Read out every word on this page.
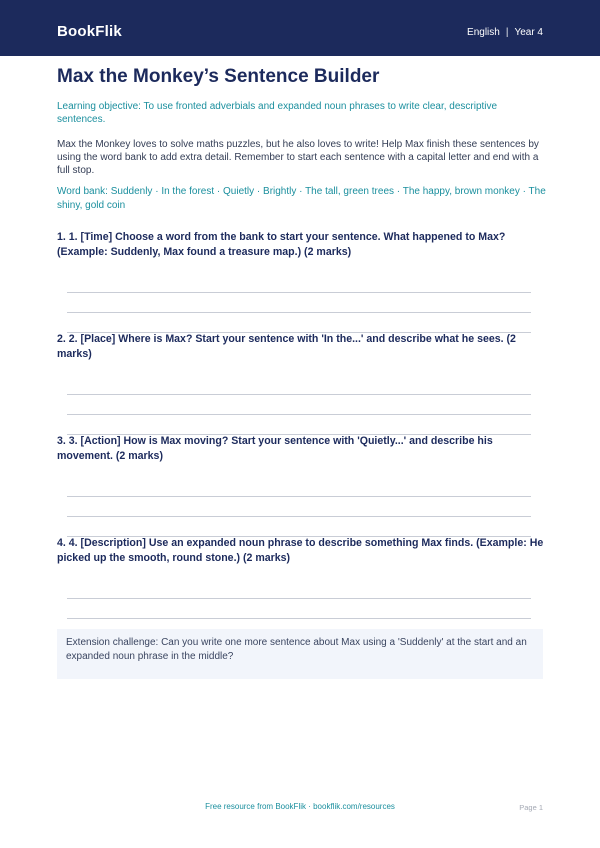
BookFlik	English | Year 4
Max the Monkey’s Sentence Builder

Learning objective: To use fronted adverbials and expanded noun phrases to write clear, descriptive sentences.

Max the Monkey loves to solve maths puzzles, but he also loves to write! Help Max finish these sentences by using the word bank to add extra detail. Remember to start each sentence with a capital letter and end with a full stop.

Word bank: Suddenly · In the forest · Quietly · Brightly · The tall, green trees · The happy, brown monkey · The shiny, gold coin

1. 1. [Time] Choose a word from the bank to start your sentence. What happened to Max? (Example: Suddenly, Max found a treasure map.) (2 marks)

2. 2. [Place] Where is Max? Start your sentence with 'In the...' and describe what he sees. (2 marks)

3. 3. [Action] How is Max moving? Start your sentence with 'Quietly...' and describe his movement. (2 marks)

4. 4. [Description] Use an expanded noun phrase to describe something Max finds. (Example: He picked up the smooth, round stone.) (2 marks)

Extension challenge: Can you write one more sentence about Max using a 'Suddenly' at the start and an expanded noun phrase in the middle?

Free resource from BookFlik · bookflik.com/resources	Page 1
